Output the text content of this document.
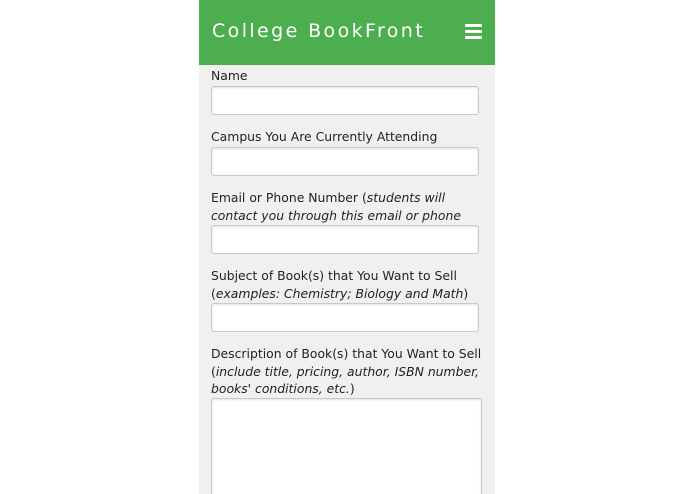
College BookFront
Name
Campus You Are Currently Attending
Email or Phone Number (students will contact you through this email or phone
Subject of Book(s) that You Want to Sell (examples: Chemistry; Biology and Math)
Description of Book(s) that You Want to Sell (include title, pricing, author, ISBN number, books' conditions, etc.)
